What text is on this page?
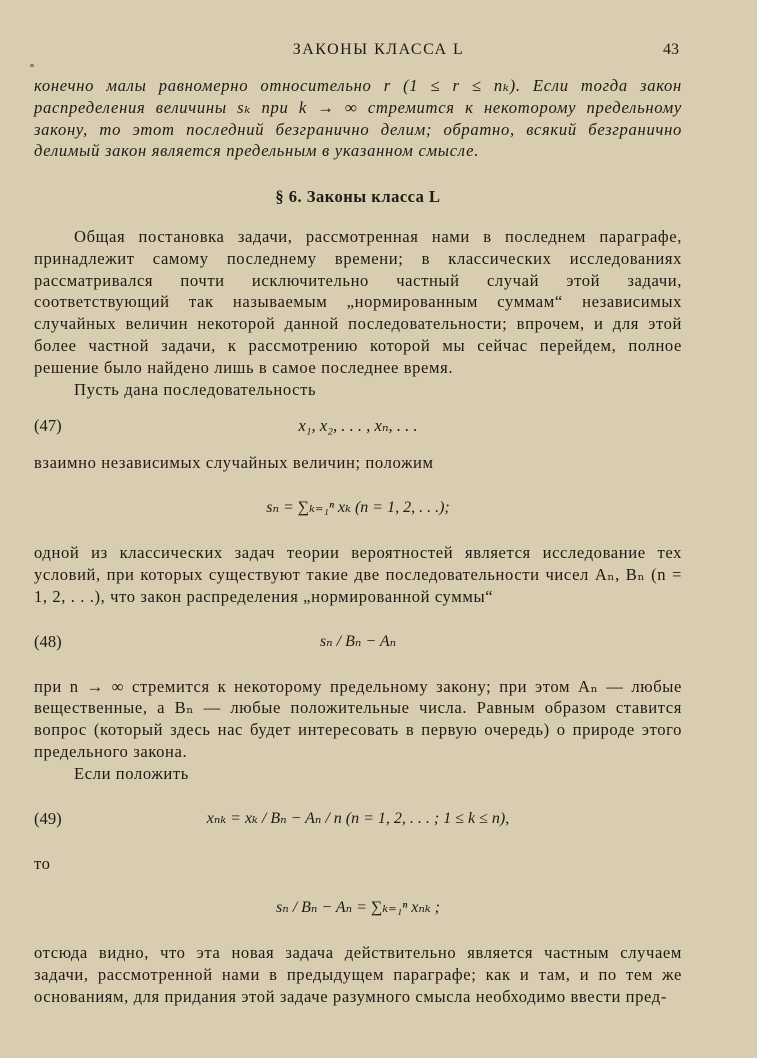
ЗАКОНЫ КЛАССА L	43

конечно малы равномерно относительно r (1 ≤ r ≤ nₖ). Если тогда закон распределения величины sₖ при k → ∞ стремится к некоторому предельному закону, то этот последний безгранично делим; обратно, всякий безгранично делимый закон является предельным в указанном смысле.

§ 6. Законы класса L

Общая постановка задачи, рассмотренная нами в последнем параграфе, принадлежит самому последнему времени; в классических исследованиях рассматривался почти исключительно частный случай этой задачи, соответствующий так называемым „нормированным суммам“ независимых случайных величин некоторой данной последовательности; впрочем, и для этой более частной задачи, к рассмотрению которой мы сейчас перейдем, полное решение было найдено лишь в самое последнее время.

Пусть дана последовательность

(47)	x₁, x₂, . . . , xₙ, . . .

взаимно независимых случайных величин; положим

sₙ = ∑ₖ₌₁ⁿ xₖ (n = 1, 2, . . .);

одной из классических задач теории вероятностей является исследование тех условий, при которых существуют такие две последовательности чисел Aₙ, Bₙ (n = 1, 2, . . .), что закон распределения „нормированной суммы“

(48)	sₙ / Bₙ − Aₙ

при n → ∞ стремится к некоторому предельному закону; при этом Aₙ — любые вещественные, а Bₙ — любые положительные числа. Равным образом ставится вопрос (который здесь нас будет интересовать в первую очередь) о природе этого предельного закона.

Если положить

(49)	xₙₖ = xₖ / Bₙ − Aₙ / n (n = 1, 2, . . . ; 1 ≤ k ≤ n),

то

sₙ / Bₙ − Aₙ = ∑ₖ₌₁ⁿ xₙₖ ;

отсюда видно, что эта новая задача действительно является частным случаем задачи, рассмотренной нами в предыдущем параграфе; как и там, и по тем же основаниям, для придания этой задаче разумного смысла необходимо ввести пред-
